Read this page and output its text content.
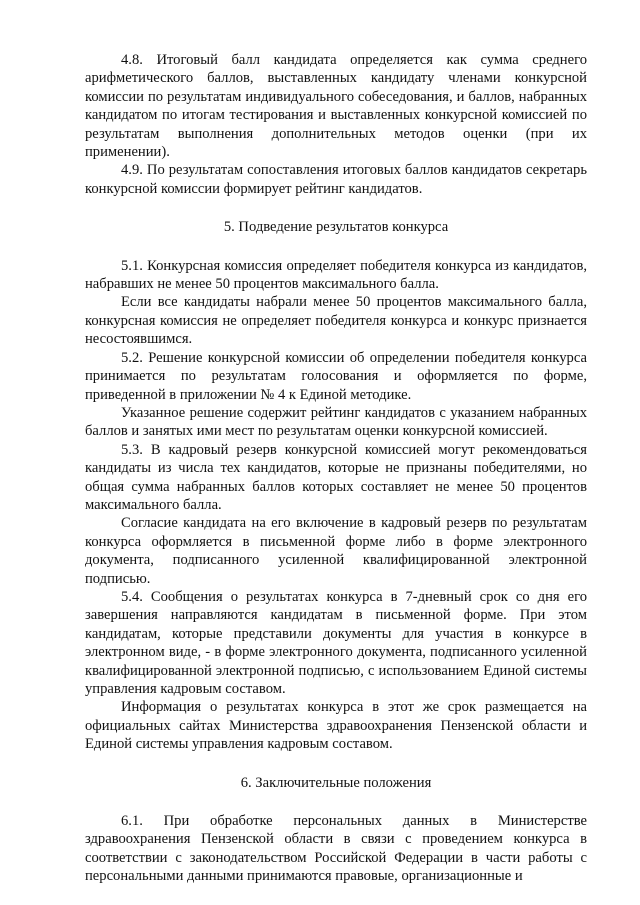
4.8. Итоговый балл кандидата определяется как сумма среднего арифметического баллов, выставленных кандидату членами конкурсной комиссии по результатам индивидуального собеседования, и баллов, набранных кандидатом по итогам тестирования и выставленных конкурсной комиссией по результатам выполнения дополнительных методов оценки (при их применении).

4.9. По результатам сопоставления итоговых баллов кандидатов секретарь конкурсной комиссии формирует рейтинг кандидатов.

5. Подведение результатов конкурса

5.1. Конкурсная комиссия определяет победителя конкурса из кандидатов, набравших не менее 50 процентов максимального балла.

Если все кандидаты набрали менее 50 процентов максимального балла, конкурсная комиссия не определяет победителя конкурса и конкурс признается несостоявшимся.

5.2. Решение конкурсной комиссии об определении победителя конкурса принимается по результатам голосования и оформляется по форме, приведенной в приложении № 4 к Единой методике.

Указанное решение содержит рейтинг кандидатов с указанием набранных баллов и занятых ими мест по результатам оценки конкурсной комиссией.

5.3. В кадровый резерв конкурсной комиссией могут рекомендоваться кандидаты из числа тех кандидатов, которые не признаны победителями, но общая сумма набранных баллов которых составляет не менее 50 процентов максимального балла.

Согласие кандидата на его включение в кадровый резерв по результатам конкурса оформляется в письменной форме либо в форме электронного документа, подписанного усиленной квалифицированной электронной подписью.

5.4. Сообщения о результатах конкурса в 7-дневный срок со дня его завершения направляются кандидатам в письменной форме. При этом кандидатам, которые представили документы для участия в конкурсе в электронном виде, - в форме электронного документа, подписанного усиленной квалифицированной электронной подписью, с использованием Единой системы управления кадровым составом.

Информация о результатах конкурса в этот же срок размещается на официальных сайтах Министерства здравоохранения Пензенской области и Единой системы управления кадровым составом.

6. Заключительные положения

6.1. При обработке персональных данных в Министерстве здравоохранения Пензенской области в связи с проведением конкурса в соответствии с законодательством Российской Федерации в части работы с персональными данными принимаются правовые, организационные и
